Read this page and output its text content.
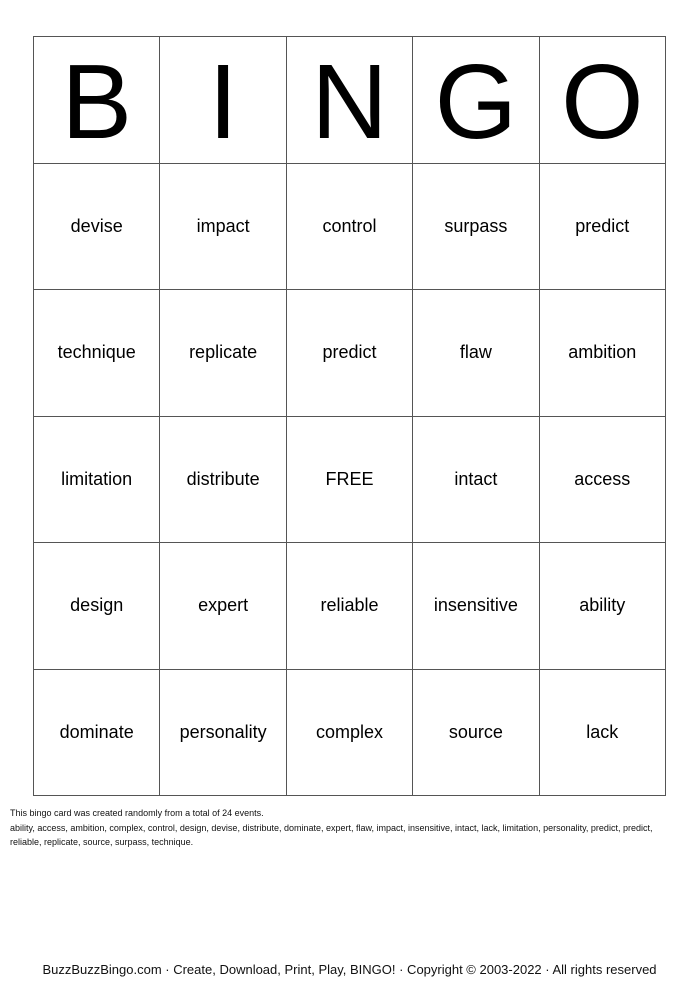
B I N G O
devise	impact	control	surpass	predict
technique	replicate	predict	flaw	ambition
limitation	distribute	FREE	intact	access
design	expert	reliable	insensitive	ability
dominate	personality	complex	source	lack
This bingo card was created randomly from a total of 24 events.
ability, access, ambition, complex, control, design, devise, distribute, dominate, expert, flaw, impact, insensitive, intact, lack, limitation, personality, predict, predict,
reliable, replicate, source, surpass, technique.
BuzzBuzzBingo.com · Create, Download, Print, Play, BINGO! · Copyright © 2003-2022 · All rights reserved
